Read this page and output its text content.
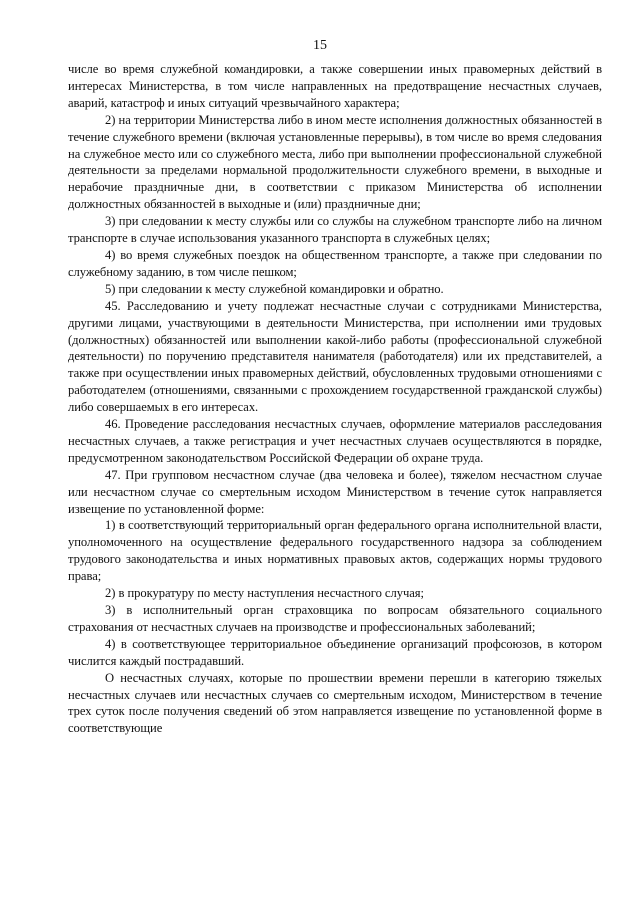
15

числе во время служебной командировки, а также совершении иных правомерных действий в интересах Министерства, в том числе направленных на предотвращение несчастных случаев, аварий, катастроф и иных ситуаций чрезвычайного характера;

2) на территории Министерства либо в ином месте исполнения должностных обязанностей в течение служебного времени (включая установленные перерывы), в том числе во время следования на служебное место или со служебного места, либо при выполнении профессиональной служебной деятельности за пределами нормальной продолжительности служебного времени, в выходные и нерабочие праздничные дни, в соответствии с приказом Министерства об исполнении должностных обязанностей в выходные и (или) праздничные дни;

3) при следовании к месту службы или со службы на служебном транспорте либо на личном транспорте в случае использования указанного транспорта в служебных целях;

4) во время служебных поездок на общественном транспорте, а также при следовании по служебному заданию, в том числе пешком;

5) при следовании к месту служебной командировки и обратно.

45. Расследованию и учету подлежат несчастные случаи с сотрудниками Министерства, другими лицами, участвующими в деятельности Министерства, при исполнении ими трудовых (должностных) обязанностей или выполнении какой-либо работы (профессиональной служебной деятельности) по поручению представителя нанимателя (работодателя) или их представителей, а также при осуществлении иных правомерных действий, обусловленных трудовыми отношениями с работодателем (отношениями, связанными с прохождением государственной гражданской службы) либо совершаемых в его интересах.

46. Проведение расследования несчастных случаев, оформление материалов расследования несчастных случаев, а также регистрация и учет несчастных случаев осуществляются в порядке, предусмотренном законодательством Российской Федерации об охране труда.

47. При групповом несчастном случае (два человека и более), тяжелом несчастном случае или несчастном случае со смертельным исходом Министерством в течение суток направляется извещение по установленной форме:

1) в соответствующий территориальный орган федерального органа исполнительной власти, уполномоченного на осуществление федерального государственного надзора за соблюдением трудового законодательства и иных нормативных правовых актов, содержащих нормы трудового права;

2) в прокуратуру по месту наступления несчастного случая;

3) в исполнительный орган страховщика по вопросам обязательного социального страхования от несчастных случаев на производстве и профессиональных заболеваний;

4) в соответствующее территориальное объединение организаций профсоюзов, в котором числится каждый пострадавший.

О несчастных случаях, которые по прошествии времени перешли в категорию тяжелых несчастных случаев или несчастных случаев со смертельным исходом, Министерством в течение трех суток после получения сведений об этом направляется извещение по установленной форме в соответствующие
